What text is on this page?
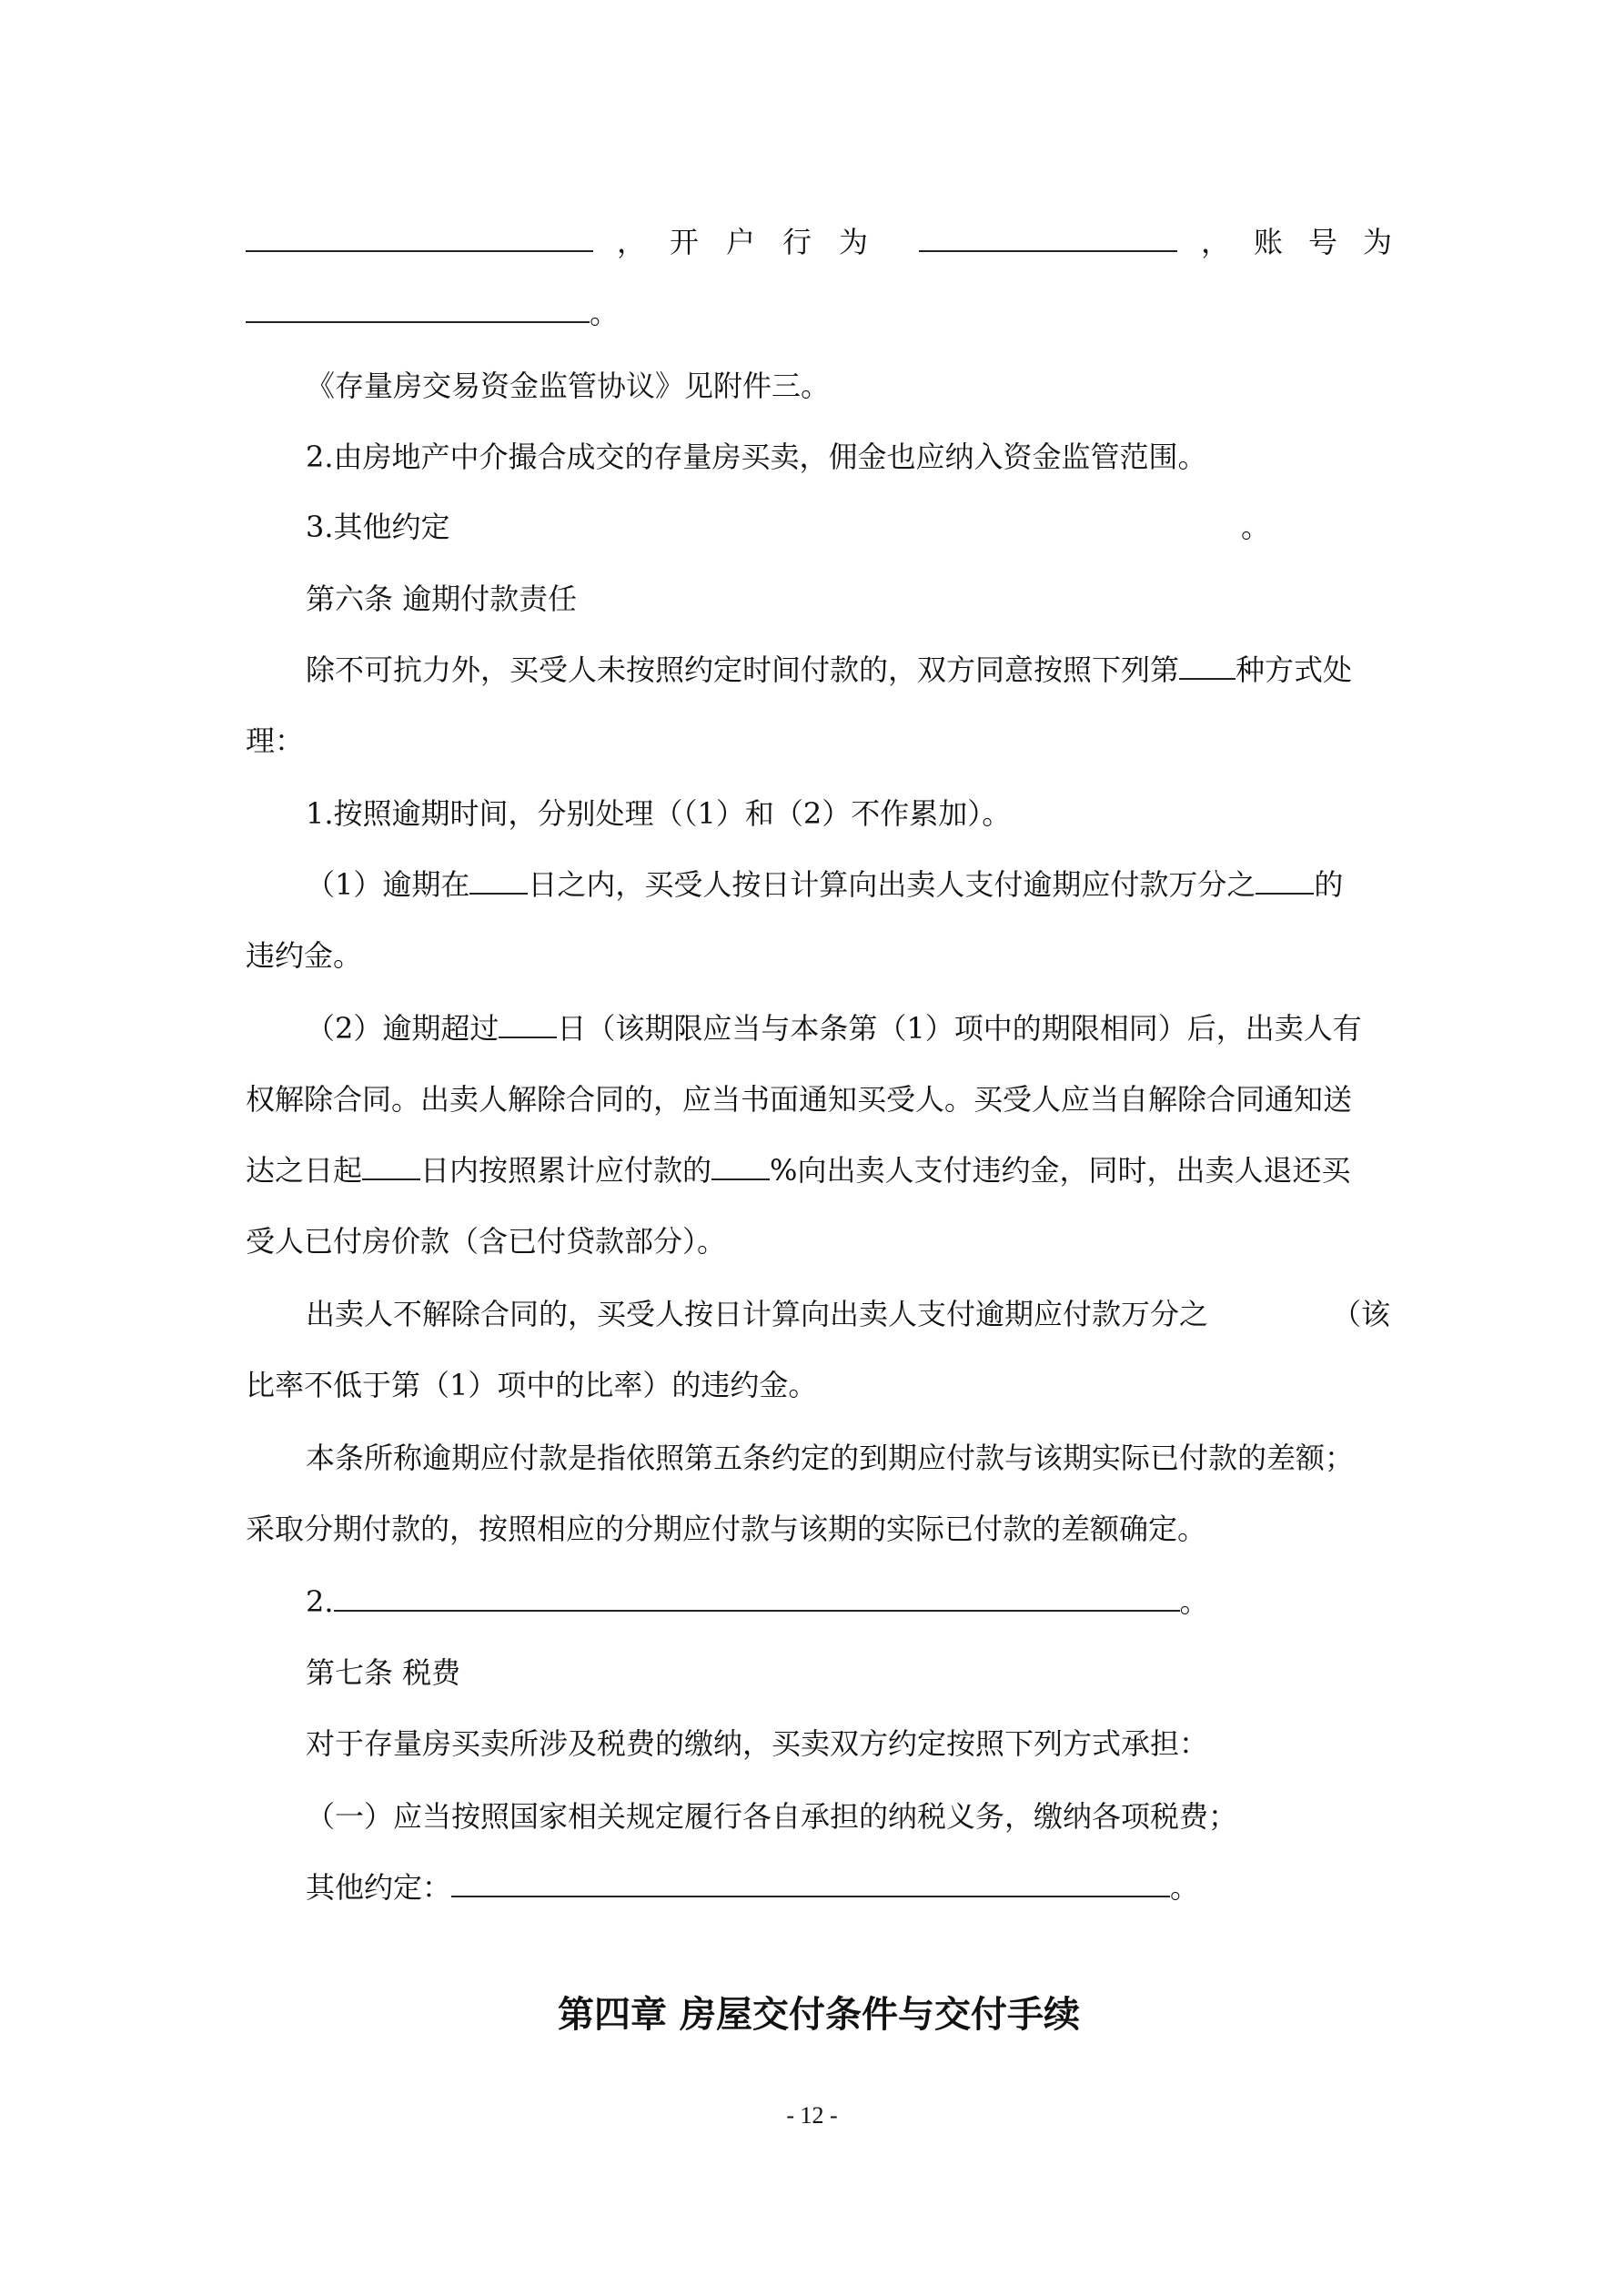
， 开户行为	， 账号为
。
《存量房交易资金监管协议》见附件三。
2.由房地产中介撮合成交的存量房买卖，佣金也应纳入资金监管范围。
3.其他约定	。
第六条 逾期付款责任
除不可抗力外，买受人未按照约定时间付款的，双方同意按照下列第 种方式处
理：
1.按照逾期时间，分别处理（（1）和（2）不作累加）。
（1）逾期在 日之内，买受人按日计算向出卖人支付逾期应付款万分之 的
违约金。
（2）逾期超过 日（该期限应当与本条第（1）项中的期限相同）后，出卖人有
权解除合同。出卖人解除合同的，应当书面通知买受人。买受人应当自解除合同通知送
达之日起 日内按照累计应付款的 %向出卖人支付违约金，同时，出卖人退还买
受人已付房价款（含已付贷款部分）。
出卖人不解除合同的，买受人按日计算向出卖人支付逾期应付款万分之	（该
比率不低于第（1）项中的比率）的违约金。
本条所称逾期应付款是指依照第五条约定的到期应付款与该期实际已付款的差额；
采取分期付款的，按照相应的分期应付款与该期的实际已付款的差额确定。
2.	。
第七条 税费
对于存量房买卖所涉及税费的缴纳，买卖双方约定按照下列方式承担：
（一）应当按照国家相关规定履行各自承担的纳税义务，缴纳各项税费；
其他约定：	。
第四章 房屋交付条件与交付手续
- 12 -
